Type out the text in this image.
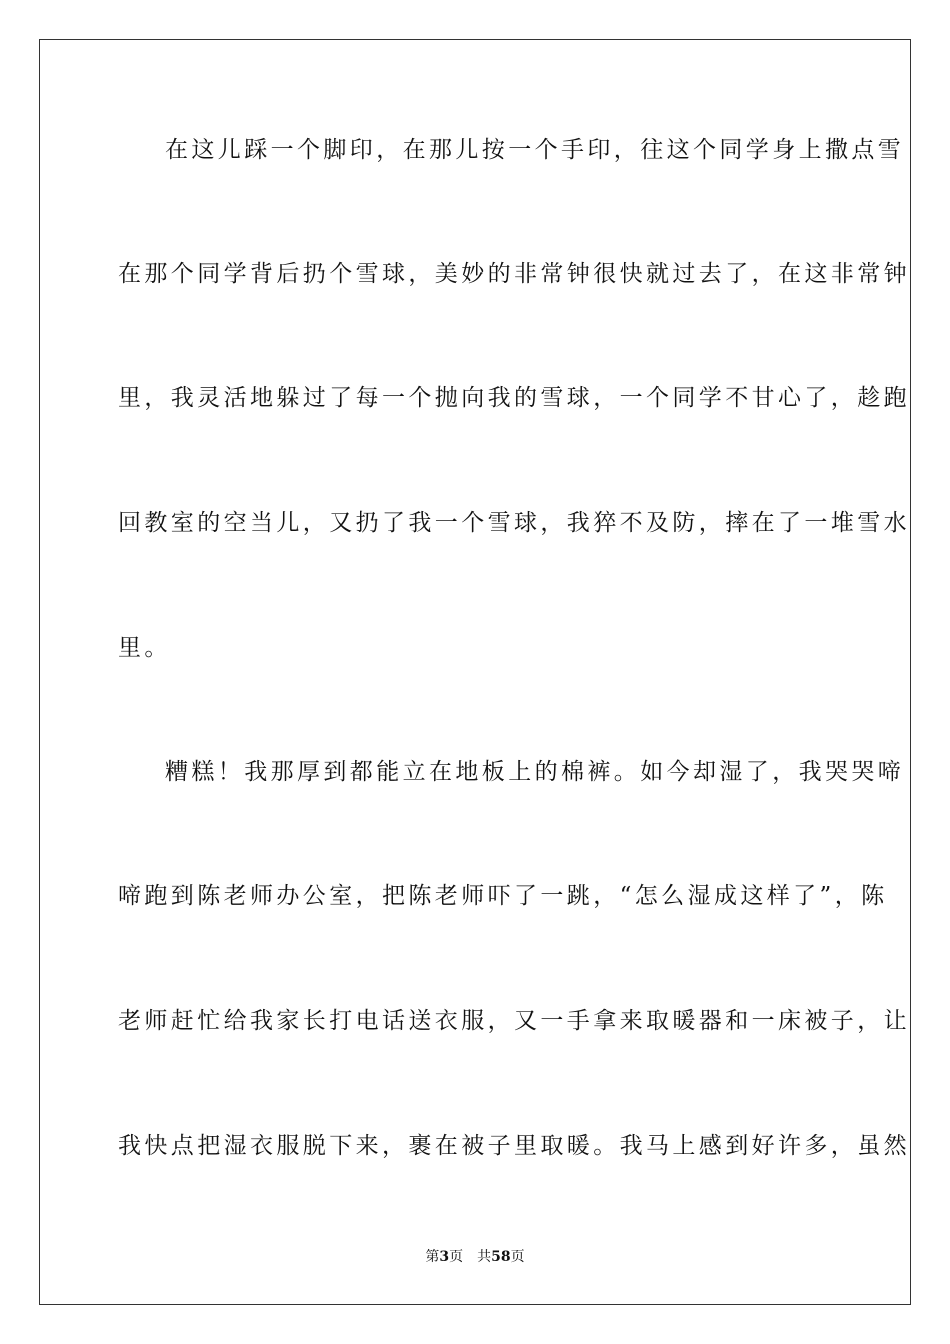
在这儿踩一个脚印，在那儿按一个手印，往这个同学身上撒点雪
在那个同学背后扔个雪球，美妙的非常钟很快就过去了，在这非常钟
里，我灵活地躲过了每一个抛向我的雪球，一个同学不甘心了，趁跑
回教室的空当儿，又扔了我一个雪球，我猝不及防，摔在了一堆雪水
里。
糟糕！我那厚到都能立在地板上的棉裤。如今却湿了，我哭哭啼
啼跑到陈老师办公室，把陈老师吓了一跳，“怎么湿成这样了”，陈
老师赶忙给我家长打电话送衣服，又一手拿来取暖器和一床被子，让
我快点把湿衣服脱下来，裹在被子里取暖。我马上感到好许多，虽然
第3页 共58页
